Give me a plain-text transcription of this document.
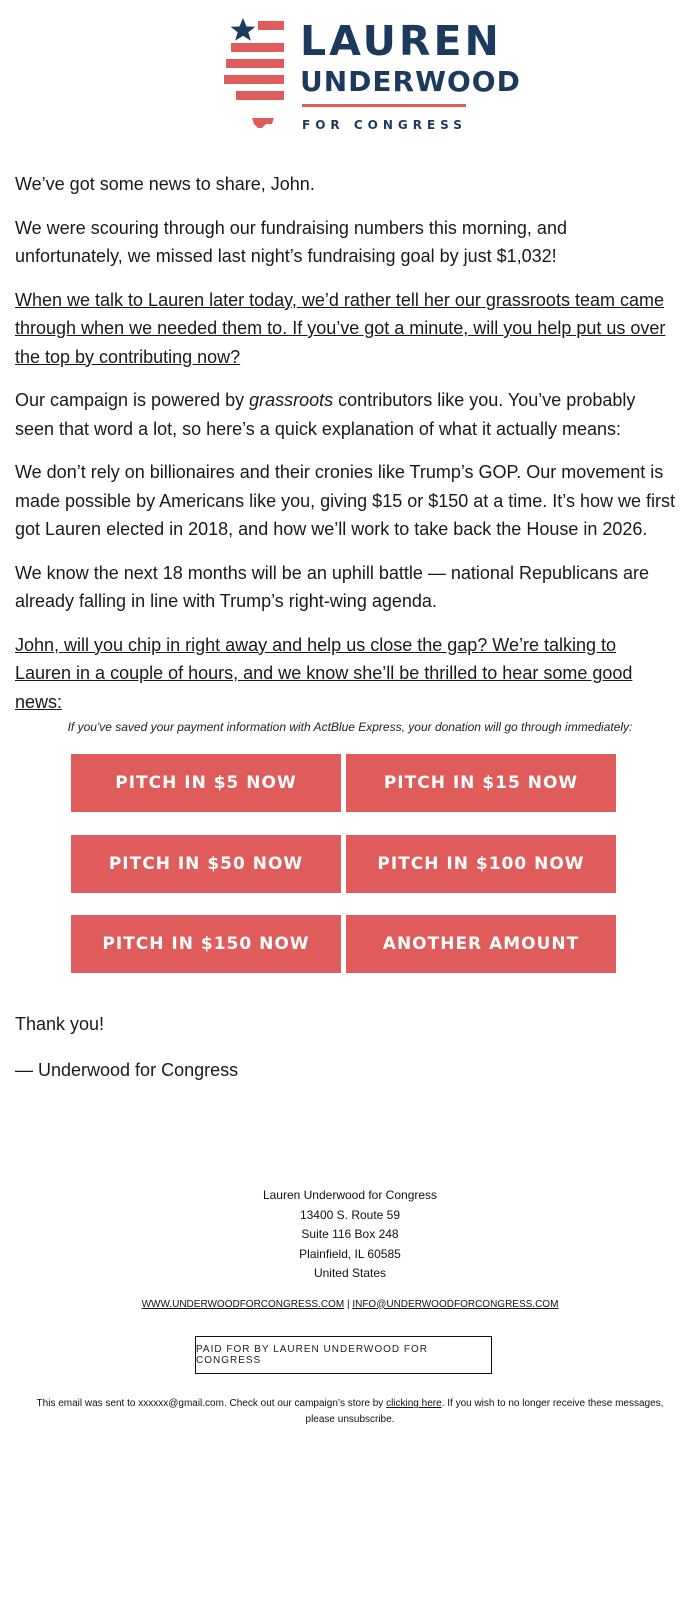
LAUREN
UNDERWOOD
FOR CONGRESS

We’ve got some news to share, John.

We were scouring through our fundraising numbers this morning, and unfortunately, we missed last night’s fundraising goal by just $1,032!

When we talk to Lauren later today, we’d rather tell her our grassroots team came through when we needed them to. If you’ve got a minute, will you help put us over the top by contributing now?

Our campaign is powered by grassroots contributors like you. You’ve probably seen that word a lot, so here’s a quick explanation of what it actually means:

We don’t rely on billionaires and their cronies like Trump’s GOP. Our movement is made possible by Americans like you, giving $15 or $150 at a time. It’s how we first got Lauren elected in 2018, and how we’ll work to take back the House in 2026.

We know the next 18 months will be an uphill battle — national Republicans are already falling in line with Trump’s right-wing agenda.

John, will you chip in right away and help us close the gap? We’re talking to Lauren in a couple of hours, and we know she’ll be thrilled to hear some good news:

If you've saved your payment information with ActBlue Express, your donation will go through immediately:
PITCH IN $5 NOW	PITCH IN $15 NOW
PITCH IN $50 NOW	PITCH IN $100 NOW
PITCH IN $150 NOW	ANOTHER AMOUNT

Thank you!

— Underwood for Congress

Lauren Underwood for Congress
13400 S. Route 59
Suite 116 Box 248
Plainfield, IL 60585
United States
WWW.UNDERWOODFORCONGRESS.COM | INFO@UNDERWOODFORCONGRESS.COM
PAID FOR BY LAUREN UNDERWOOD FOR CONGRESS
This email was sent to xxxxxx@gmail.com. Check out our campaign’s store by clicking here. If you wish to no longer receive these messages, please unsubscribe.
